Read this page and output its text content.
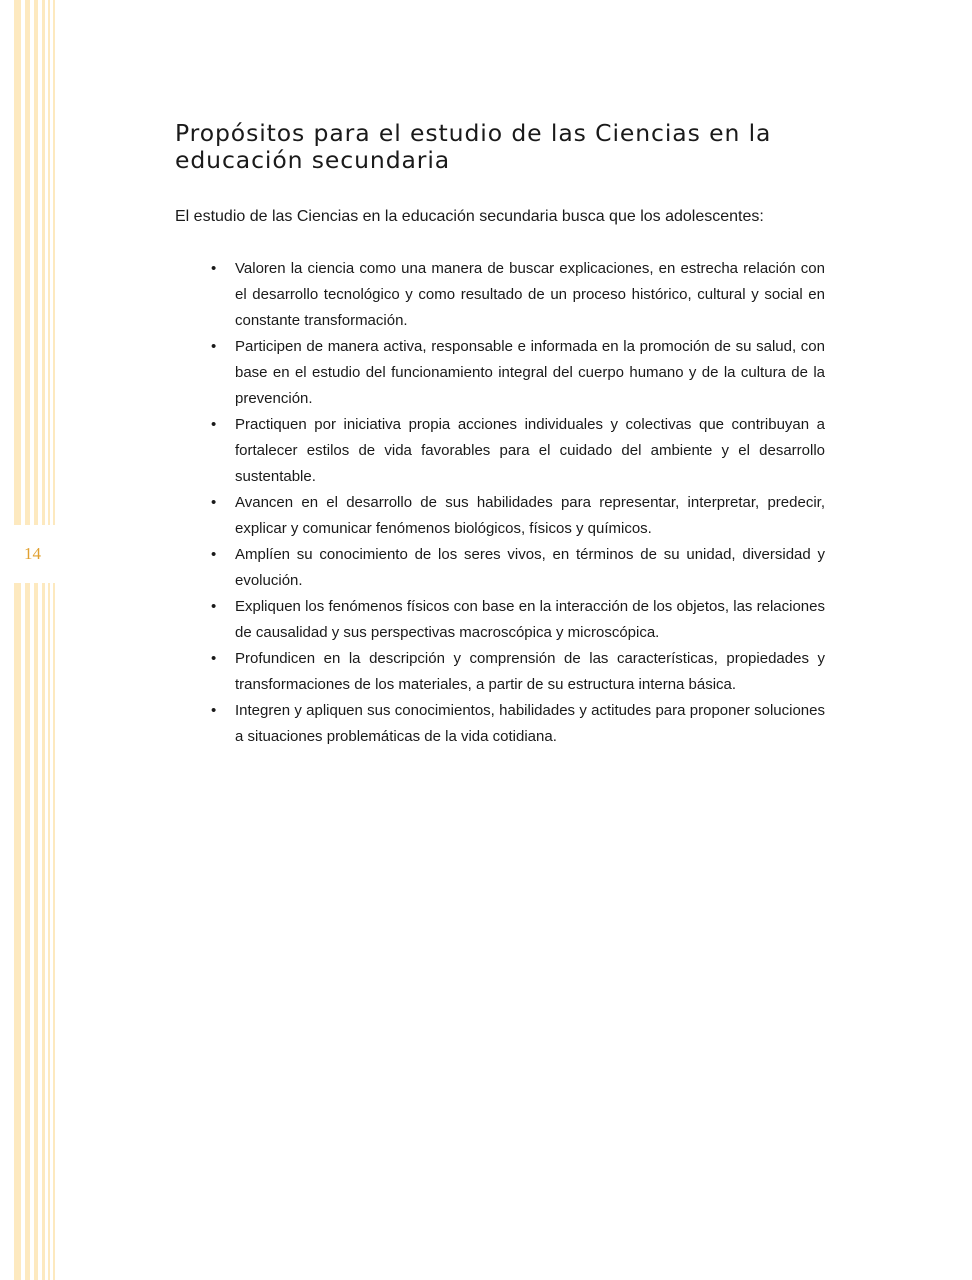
14
Propósitos para el estudio de las Ciencias en la educación secundaria

El estudio de las Ciencias en la educación secundaria busca que los adolescentes:

• Valoren la ciencia como una manera de buscar explicaciones, en estrecha relación con el desarrollo tecnológico y como resultado de un proceso histórico, cultural y social en constante transformación.
• Participen de manera activa, responsable e informada en la promoción de su salud, con base en el estudio del funcionamiento integral del cuerpo humano y de la cultura de la prevención.
• Practiquen por iniciativa propia acciones individuales y colectivas que contribuyan a fortalecer estilos de vida favorables para el cuidado del ambiente y el desarrollo sustentable.
• Avancen en el desarrollo de sus habilidades para representar, interpretar, predecir, explicar y comunicar fenómenos biológicos, físicos y químicos.
• Amplíen su conocimiento de los seres vivos, en términos de su unidad, diversidad y evolución.
• Expliquen los fenómenos físicos con base en la interacción de los objetos, las relaciones de causalidad y sus perspectivas macroscópica y microscópica.
• Profundicen en la descripción y comprensión de las características, propiedades y transformaciones de los materiales, a partir de su estructura interna básica.
• Integren y apliquen sus conocimientos, habilidades y actitudes para proponer soluciones a situaciones problemáticas de la vida cotidiana.
